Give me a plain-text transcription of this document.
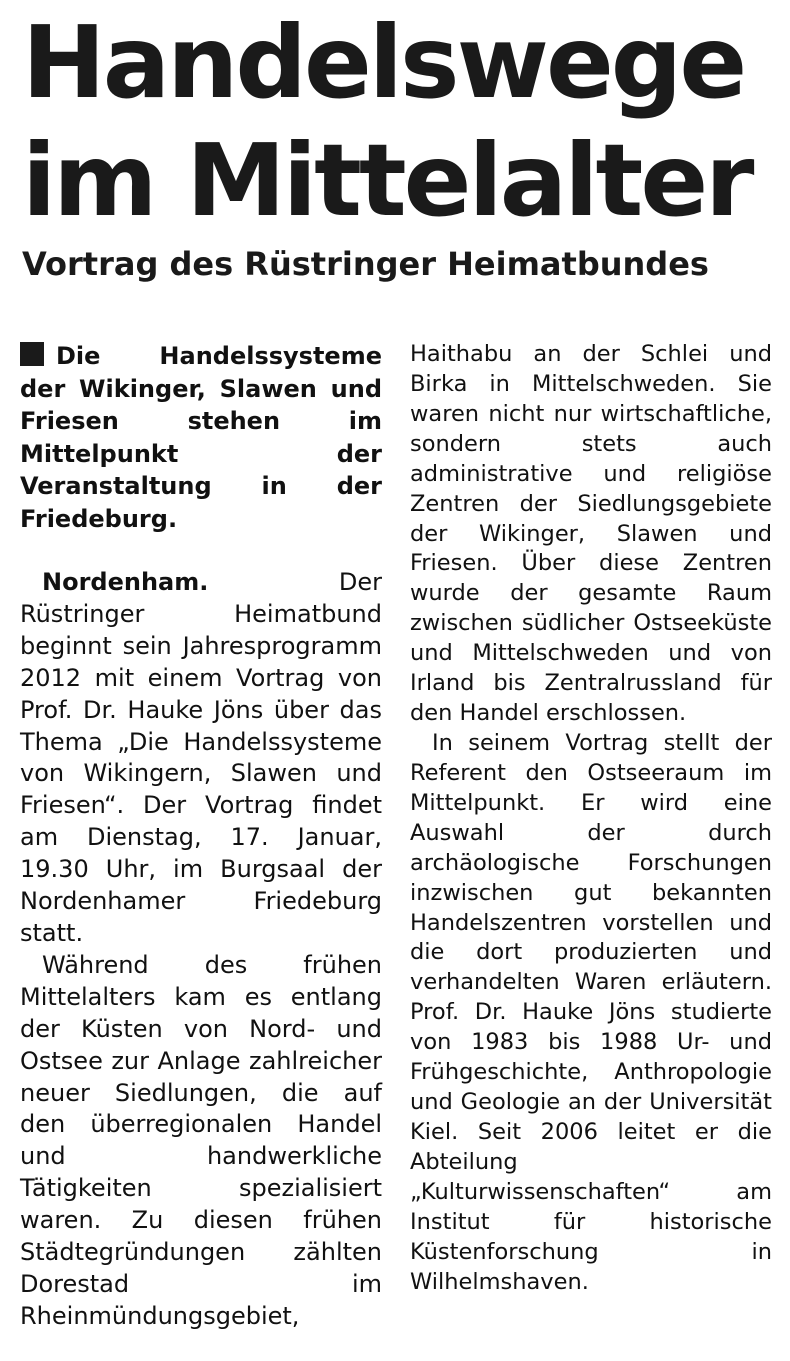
Handelswege
im Mittelalter
Vortrag des Rüstringer Heimatbundes

Die Handelssysteme der Wikinger, Slawen und Friesen stehen im Mittelpunkt der Veranstaltung in der Friedeburg.

Nordenham.	Der Rüstringer Heimatbund beginnt sein Jahresprogramm 2012 mit einem Vortrag von Prof. Dr. Hauke Jöns über das Thema „Die Handelssysteme von Wikingern, Slawen und Friesen“. Der Vortrag findet am Dienstag, 17. Januar, 19.30 Uhr, im Burgsaal der Nordenhamer Friedeburg statt.

Während des frühen Mittelalters kam es entlang der Küsten von Nord- und Ostsee zur Anlage zahlreicher neuer Siedlungen, die auf den überregionalen Handel und handwerkliche Tätigkeiten spezialisiert waren. Zu diesen frühen Städtegründungen zählten Dorestad im Rheinmündungsgebiet,

Haithabu an der Schlei und Birka in Mittelschweden. Sie waren nicht nur wirtschaftliche, sondern stets auch administrative und religiöse Zentren der Siedlungsgebiete der Wikinger, Slawen und Friesen. Über diese Zentren wurde der gesamte Raum zwischen südlicher Ostseeküste und Mittelschweden und von Irland bis Zentralrussland für den Handel erschlossen.

In seinem Vortrag stellt der Referent den Ostseeraum im Mittelpunkt. Er wird eine Auswahl der durch archäologische Forschungen inzwischen gut bekannten Handelszentren vorstellen und die dort produzierten und verhandelten Waren erläutern. Prof. Dr. Hauke Jöns studierte von 1983 bis 1988 Ur- und Frühgeschichte, Anthropologie und Geologie an der Universität Kiel. Seit 2006 leitet er die Abteilung „Kulturwissenschaften“ am Institut für historische Küstenforschung in Wilhelmshaven.
